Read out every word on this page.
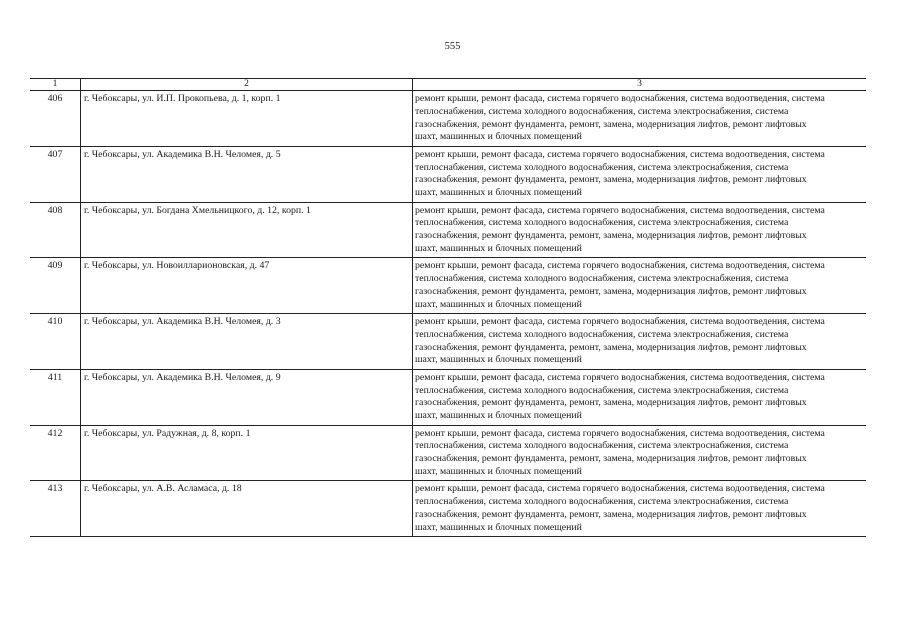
555
1	2	3
406	г. Чебоксары, ул. И.П. Прокопьева, д. 1, корп. 1	ремонт крыши, ремонт фасада, система горячего водоснабжения, система водоотведения, система
теплоснабжения, система холодного водоснабжения, система электроснабжения, система
газоснабжения, ремонт фундамента, ремонт, замена, модернизация лифтов, ремонт лифтовых
шахт, машинных и блочных помещений
407	г. Чебоксары, ул. Академика В.Н. Челомея, д. 5	ремонт крыши, ремонт фасада, система горячего водоснабжения, система водоотведения, система
теплоснабжения, система холодного водоснабжения, система электроснабжения, система
газоснабжения, ремонт фундамента, ремонт, замена, модернизация лифтов, ремонт лифтовых
шахт, машинных и блочных помещений
408	г. Чебоксары, ул. Богдана Хмельницкого, д. 12, корп. 1	ремонт крыши, ремонт фасада, система горячего водоснабжения, система водоотведения, система
теплоснабжения, система холодного водоснабжения, система электроснабжения, система
газоснабжения, ремонт фундамента, ремонт, замена, модернизация лифтов, ремонт лифтовых
шахт, машинных и блочных помещений
409	г. Чебоксары, ул. Новоилларионовская, д. 47	ремонт крыши, ремонт фасада, система горячего водоснабжения, система водоотведения, система
теплоснабжения, система холодного водоснабжения, система электроснабжения, система
газоснабжения, ремонт фундамента, ремонт, замена, модернизация лифтов, ремонт лифтовых
шахт, машинных и блочных помещений
410	г. Чебоксары, ул. Академика В.Н. Челомея, д. 3	ремонт крыши, ремонт фасада, система горячего водоснабжения, система водоотведения, система
теплоснабжения, система холодного водоснабжения, система электроснабжения, система
газоснабжения, ремонт фундамента, ремонт, замена, модернизация лифтов, ремонт лифтовых
шахт, машинных и блочных помещений
411	г. Чебоксары, ул. Академика В.Н. Челомея, д. 9	ремонт крыши, ремонт фасада, система горячего водоснабжения, система водоотведения, система
теплоснабжения, система холодного водоснабжения, система электроснабжения, система
газоснабжения, ремонт фундамента, ремонт, замена, модернизация лифтов, ремонт лифтовых
шахт, машинных и блочных помещений
412	г. Чебоксары, ул. Радужная, д. 8, корп. 1	ремонт крыши, ремонт фасада, система горячего водоснабжения, система водоотведения, система
теплоснабжения, система холодного водоснабжения, система электроснабжения, система
газоснабжения, ремонт фундамента, ремонт, замена, модернизация лифтов, ремонт лифтовых
шахт, машинных и блочных помещений
413	г. Чебоксары, ул. А.В. Асламаса, д. 18	ремонт крыши, ремонт фасада, система горячего водоснабжения, система водоотведения, система
теплоснабжения, система холодного водоснабжения, система электроснабжения, система
газоснабжения, ремонт фундамента, ремонт, замена, модернизация лифтов, ремонт лифтовых
шахт, машинных и блочных помещений
